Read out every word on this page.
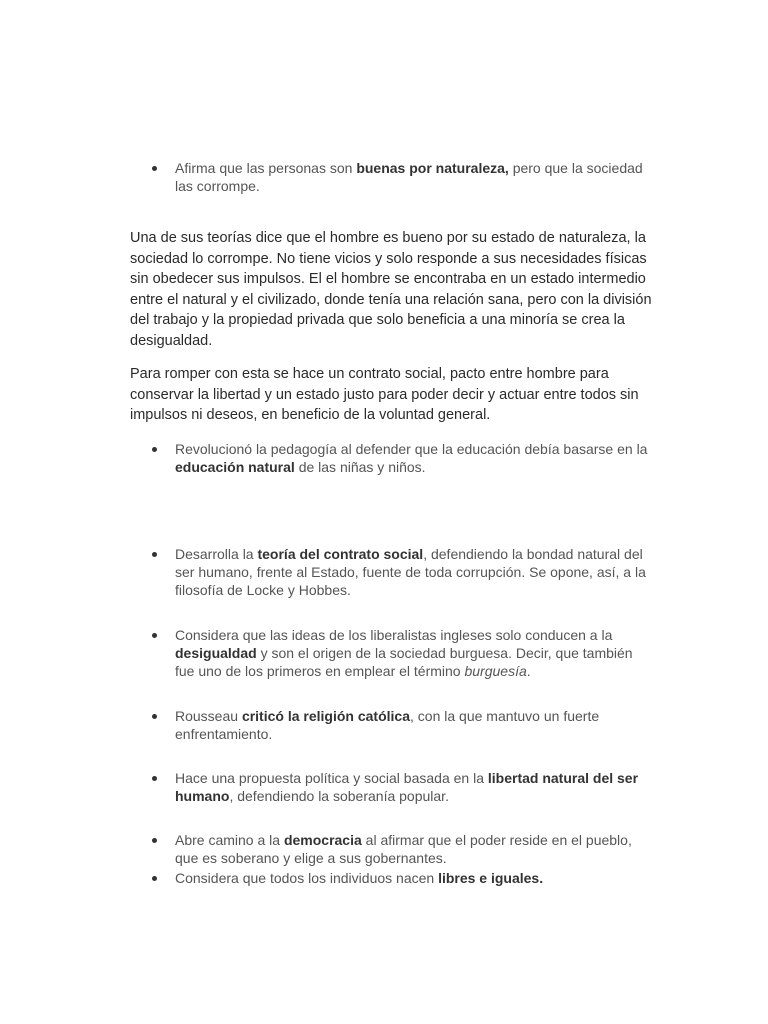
Afirma que las personas son buenas por naturaleza, pero que la sociedad las corrompe.

Una de sus teorías dice que el hombre es bueno por su estado de naturaleza, la sociedad lo corrompe. No tiene vicios y solo responde a sus necesidades físicas sin obedecer sus impulsos. El el hombre se encontraba en un estado intermedio entre el natural y el civilizado, donde tenía una relación sana, pero con la división del trabajo y la propiedad privada que solo beneficia a una minoría se crea la desigualdad.

Para romper con esta se hace un contrato social, pacto entre hombre para conservar la libertad y un estado justo para poder decir y actuar entre todos sin impulsos ni deseos, en beneficio de la voluntad general.

Revolucionó la pedagogía al defender que la educación debía basarse en la educación natural de las niñas y niños.
Desarrolla la teoría del contrato social, defendiendo la bondad natural del ser humano, frente al Estado, fuente de toda corrupción. Se opone, así, a la filosofía de Locke y Hobbes.
Considera que las ideas de los liberalistas ingleses solo conducen a la desigualdad y son el origen de la sociedad burguesa. Decir, que también fue uno de los primeros en emplear el término burguesía.
Rousseau criticó la religión católica, con la que mantuvo un fuerte enfrentamiento.
Hace una propuesta política y social basada en la libertad natural del ser humano, defendiendo la soberanía popular.
Abre camino a la democracia al afirmar que el poder reside en el pueblo, que es soberano y elige a sus gobernantes.
Considera que todos los individuos nacen libres e iguales.
